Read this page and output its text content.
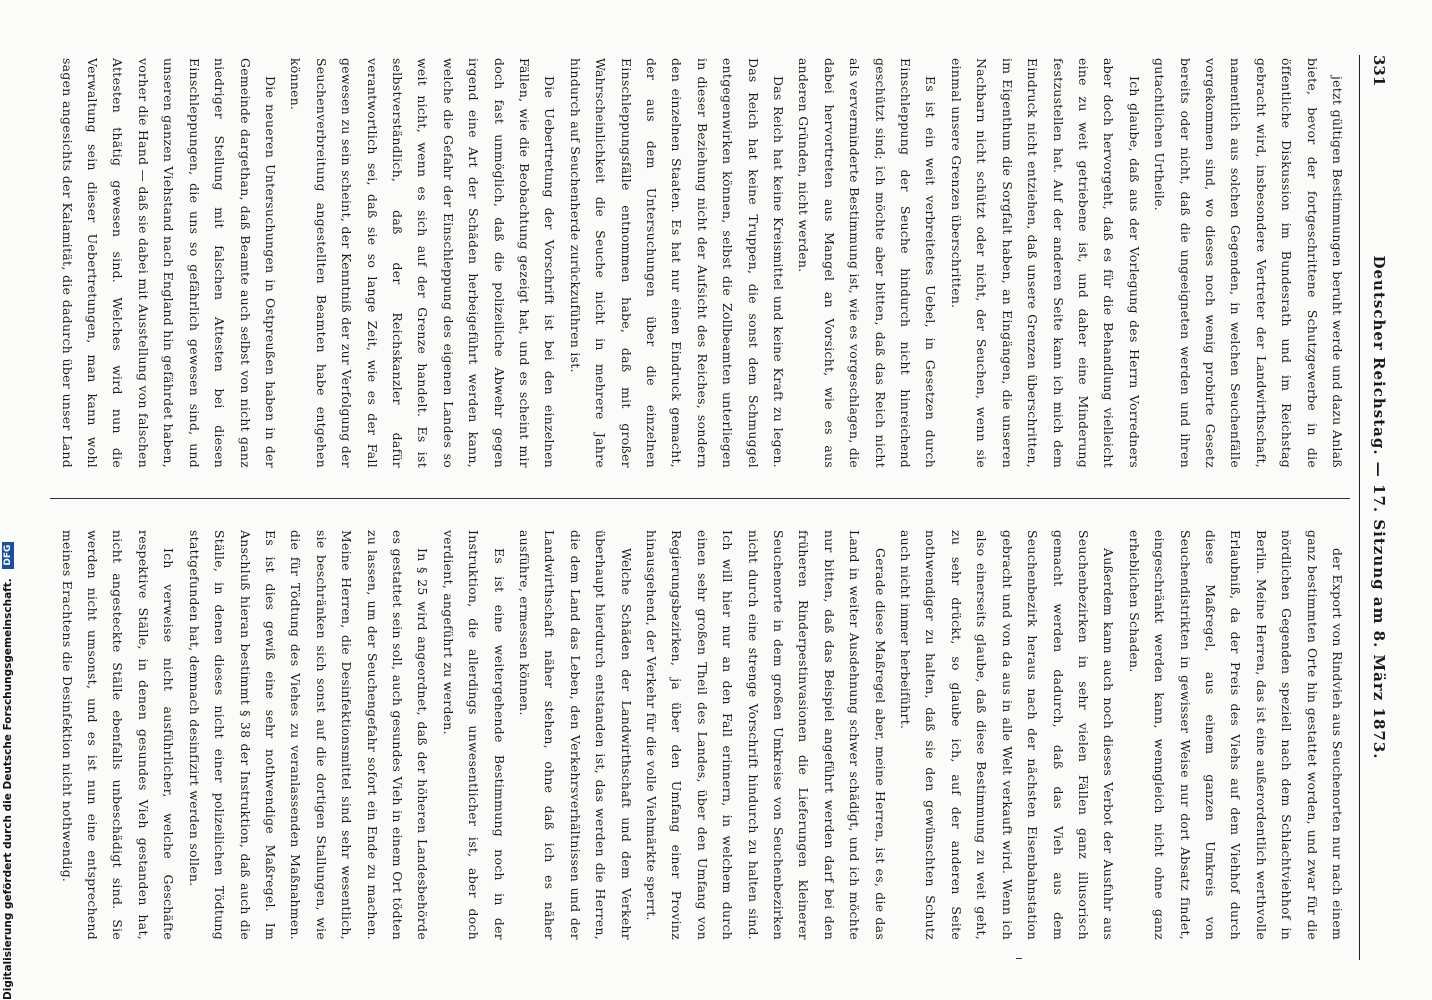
331
Deutscher Reichstag. — 17. Sitzung am 8. März 1873.

jetzt gültigen Bestimmungen beruht werde und dazu Anlaß biete, bevor der fortgeschrittene Schutzgewerbe in die öffentliche Diskussion im Bundesrath und im Reichstag gebracht wird, insbesondere Vertreter der Landwirthschaft, namentlich aus solchen Gegenden, in welchen Seuchenfälle vorgekommen sind, wo dieses noch wenig probirte Gesetz bereits oder nicht, daß die ungeeigneten werden und ihren gutachtlichen Urtheile.

Ich glaube, daß aus der Vorlegung des Herrn Vorredners aber doch hervorgeht, daß es für die Behandlung vielleicht eine zu weit getriebene ist, und daher eine Minderung festzustellen hat. Auf der anderen Seite kann ich mich dem Eindruck nicht entziehen, daß unsere Grenzen überschritten, im Eigenthum die Sorgfalt haben, an Eingängen, die unseren Nachbarn nicht schützt oder nicht, der Seuchen, wenn sie einmal unsere Grenzen überschritten.

Es ist ein weit verbreitetes Uebel, in Gesetzen durch Einschleppung der Seuche hindurch nicht hinreichend geschützt sind; ich möchte aber bitten, daß das Reich nicht als ververminderte Bestimmung ist, wie es vorgeschlagen, die dabei hervortreten aus Mangel an Vorsicht, wie es aus anderen Gründen, nicht werden.

Das Reich hat keine Kreismittel und keine Kraft zu legen. Das Reich hat keine Truppen, die sonst dem Schmuggel entgegenwirken können, selbst die Zollbeamten unterliegen in dieser Beziehung nicht der Aufsicht des Reiches, sondern den einzelnen Staaten. Es hat nur einen Eindruck gemacht, der aus dem Untersuchungen über die einzelnen Einschleppungsfälle entnommen habe, daß mit großer Wahrscheinlichkeit die Seuche nicht in mehrere Jahre hindurch auf Seuchenherde zurückzuführen ist.

Die Uebertretung der Vorschrift ist bei den einzelnen Fällen, wie die Beobachtung gezeigt hat, und es scheint mir doch fast unmöglich, daß die polizeiliche Abwehr gegen irgend eine Art der Schäden herbeigeführt werden kann, welche die Gefahr der Einschleppung des eigenen Landes so weit nicht, wenn es sich auf der Grenze handelt. Es ist selbstverständlich, daß der Reichskanzler dafür verantwortlich sei, daß sie so lange Zeit, wie es der Fall gewesen zu sein scheint, der Kenntniß der zur Verfolgung der Seuchenverbreitung angestellten Beamten habe entgehen können.

Die neueren Untersuchungen in Ostpreußen haben in der Gemeinde dargethan, daß Beamte auch selbst von nicht ganz niedriger Stellung mit falschen Attesten bei diesen Einschleppungen, die uns so gefährlich gewesen sind, und unseren ganzen Viehstand nach England hin gefährdet haben, vorher die Hand — daß sie dabei mit Ausstellung von falschen Attesten thätig gewesen sind. Welches wird nun die Verwaltung sein dieser Uebertretungen, man kann wohl sagen angesichts der Kalamität, die dadurch über unser Land

der Export von Rindvieh aus Seuchenorten nur nach einem ganz bestimmten Orte hin gestattet worden, und zwar für die nördlichen Gegenden speziell nach dem Schlachtviehhof in Berlin. Meine Herren, das ist eine außerordentlich werthvolle Erlaubniß, da der Preis des Viehs auf dem Viehhof durch diese Maßregel, aus einem ganzen Umkreis von Seuchendistrikten in gewisser Weise nur dort Absatz findet, eingeschränkt werden kann, wenngleich nicht ohne ganz erheblichen Schaden.

Außerdem kann auch noch dieses Verbot der Ausfuhr aus Seuchenbezirken in sehr vielen Fällen ganz illusorisch gemacht werden dadurch, daß das Vieh aus dem Seuchenbezirk heraus nach der nächsten Eisenbahnstation gebracht und von da aus in alle Welt verkauft wird. Wenn ich also einerseits glaube, daß diese Bestimmung zu weit geht, zu sehr drückt, so glaube ich, auf der anderen Seite nothwendiger zu halten, daß sie den gewünschten Schutz auch nicht immer herbeiführt.

Gerade diese Maßregel aber, meine Herren, ist es, die das Land in weiter Ausdehnung schwer schädigt, und ich möchte nur bitten, daß das Beispiel angeführt werden darf bei den früheren Rinderpestinvasionen die Lieferungen kleinerer Seuchenorte in dem großen Umkreise von Seuchenbezirken nicht durch eine strenge Vorschrift hindurch zu halten sind. Ich will hier nur an den Fall erinnern, in welchem durch einen sehr großen Theil des Landes, über den Umfang von Regierungsbezirken, ja über den Umfang einer Provinz hinausgehend, der Verkehr für die volle Viehmärkte sperrt.

Welche Schäden der Landwirthschaft und dem Verkehr überhaupt hierdurch entstanden ist, das werden die Herren, die dem Land das Leben, den Verkehrsverhältnissen und der Landwirthschaft näher stehen, ohne daß ich es näher ausführe, ermessen können.

Es ist eine weitergehende Bestimmung noch in der Instruktion, die allerdings unwesentlicher ist, aber doch verdient, angeführt zu werden.

In § 25 wird angeordnet, daß der höheren Landesbehörde es gestattet sein soll, auch gesundes Vieh in einem Ort tödten zu lassen, um der Seuchengefahr sofort ein Ende zu machen. Meine Herren, die Desinfektionsmittel sind sehr wesentlich, sie beschränken sich sonst auf die dortigen Stallungen, wie die für Tödtung des Viehes zu veranlassenden Maßnahmen. Es ist dies gewiß eine sehr nothwendige Maßregel. Im Anschluß hieran bestimmt § 38 der Instruktion, daß auch die Ställe, in denen dieses nicht einer polizeilichen Tödtung stattgefunden hat, demnach desinfizirt werden sollen.

Ich verweise nicht ausführlicher, welche Geschäfte respektive Ställe, in denen gesundes Vieh gestanden hat, nicht angesteckte Ställe ebenfalls unbeschädigt sind. Sie werden nicht umsonst, und es ist nun eine entsprechend meines Erachtens die Desinfektion nicht nothwendig.

Digitalisierung gefördert durch die Deutsche Forschungsgemeinschaft. DFG
